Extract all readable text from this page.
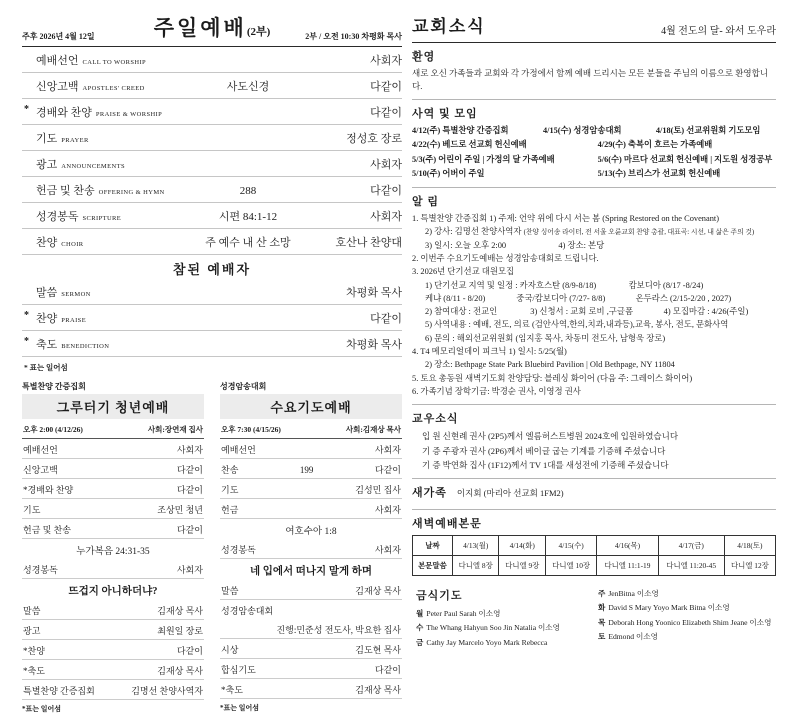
주후 2026년 4월 12일	주일예배(2부)	2부 / 오전 10:30 차평화 목사
예배선언 CALL TO WORSHIP	사회자
신앙고백 APOSTLES' CREED	사도신경	다같이
* 경배와 찬양 PRAISE & WORSHIP	다같이
기도 PRAYER	정성호 장로
광고 ANNOUNCEMENTS	사회자
헌금 및 찬송 OFFERING & HYMN	288	다같이
성경봉독 SCRIPTURE	시편 84:1-12	사회자
찬양 CHOIR	주 예수 내 산 소망	호산나 찬양대
참된 예배자
말씀 SERMON	차평화 목사
* 찬양 PRAISE	다같이
* 축도 BENEDICTION	차평화 목사
* 표는 일어섬
특별찬양 간증집회
그루터기 청년예배
오후 2:00 (4/12/26)	사회:장연재 집사
예배선언	사회자
신앙고백	다같이
*경배와 찬양	다같이
기도	조상민 청년
헌금 및 찬송	다같이
누가복음 24:31-35
성경봉독	사회자
뜨겁지 아니하더냐?
말씀	김재상 목사
광고	최원일 장로
*찬양	다같이
*축도	김재상 목사
특별찬양 간증집회	김명선 찬양사역자
*표는 일어섬
성경암송대회
수요기도예배
오후 7:30 (4/15/26)	사회:김재상 목사
예배선언	사회자
찬송	199	다같이
기도	김성민 집사
헌금	사회자
여호수아 1:8
성경봉독	사회자
네 입에서 떠나지 말게 하며
말씀	김재상 목사
성경암송대회
진행:민준성 전도사, 박요한 집사
시상	김도현 목사
합심기도	다같이
*축도	김재상 목사
*표는 일어섬
교회소식	4월 전도의 달- 와서 도우라
환영
새로 오신 가족들과 교회와 각 가정에서 함께 예배 드리시는 모든 분들을 주님의 이름으로 환영합니다.
사역 및 모임
4/12(주) 특별찬양 간증집회	4/15(수) 성경암송대회	4/18(토) 선교위원회 기도모임
4/22(수) 베드로 선교회 헌신예배	4/29(수) 축복이 흐르는 가족예배
5/3(주) 어린이 주일 | 가정의 달 가족예배	5/6(수) 마르다 선교회 헌신예배 | 지도원 성경공부
5/10(주) 어버이 주일	5/13(수) 브리스가 선교회 헌신예배
알 림
1. 특별찬양 간증집회 1) 주제: 언약 위에 다시 서는 봄 (Spring Restored on the Covenant)
2) 강사: 김명선 찬양사역자 (찬양 싱어송 라이터, 전 서울 오륜교회 찬양 총괄, 대표곡: 시선, 내 삶은 주의 것)
3) 일시: 오늘 오후 2:00	4) 장소: 본당
2. 이번주 수요기도예배는 성경암송대회로 드립니다.
3. 2026년 단기선교 대원모집
1) 단기선교 지역 및 일정 : 카자흐스탄 (8/9-8/18)	캄보디아 (8/17 -8/24)
케냐 (8/11 - 8/20)	중국/캄보디아 (7/27- 8/8)	온두라스 (2/15-2/20 , 2027)
2) 참여대상 : 전교인	3) 신청서 : 교회 로비 ,구글폼	4) 모집마감 : 4/26(주일)
5) 사역내용 : 예배, 전도, 의료 (검안사역,한의,치과,내과등),교육, 봉사, 전도, 문화사역
6) 문의 : 해외선교위원회 (임지홍 목사, 차동미 전도사, 남형욱 장로)
4. T4 메모리얼데이 피크닉 1) 일시: 5/25(월)
2) 장소: Bethpage State Park Bluebird Pavilion | Old Bethpage, NY 11804
5. 토요 총동원 새벽기도회 찬양담당: 블레싱 화이어 (다음 주: 그레이스 화이어)
6. 가족기념 장학기금: 박경순 권사, 이영정 권사
교우소식
입 원 신현례 권사 (2P5)께서 엘름허스트병원 2024호에 입원하였습니다
기 증 주광자 권사 (2P6)께서 베이글 굽는 기계를 기증해 주셨습니다
기 증 박연화 집사 (1F12)께서 TV 1대를 새성전에 기증해 주셨습니다
새가족 이지회 (마리아 선교회 1FM2)
새벽예배본문
날짜	4/13(월)	4/14(화)	4/15(수)	4/16(목)	4/17(금)	4/18(토)
본문말씀	다니엘 8장	다니엘 9장	다니엘 10장	다니엘 11:1-19	다니엘 11:20-45	다니엘 12장
금식기도
월 Peter Paul Sarah 이소영
수 The Whang Hahyun Soo Jin Natalia 이소영
금 Cathy Jay Marcelo Yoyo Mark Rebecca
주 JenBitna 이소영
화 David S Mary Yoyo Mark Bitna 이소영
목 Deborah Hong Yoonico Elizabeth Shim Jeane 이소영
토 Edmond 이소영
